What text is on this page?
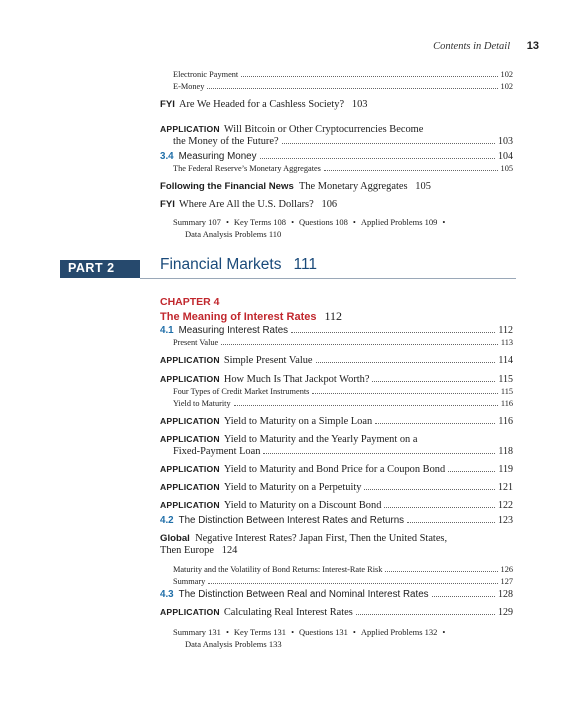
Contents in Detail 13
Electronic Payment	102
E-Money	102
FYI Are We Headed for a Cashless Society? 103
APPLICATION Will Bitcoin or Other Cryptocurrencies Become
the Money of the Future?	103
3.4 Measuring Money	104
The Federal Reserve’s Monetary Aggregates	105
Following the Financial News The Monetary Aggregates 105
FYI Where Are All the U.S. Dollars? 106
Summary 107 • Key Terms 108 • Questions 108 • Applied Problems 109 •
Data Analysis Problems 110
PART 2	Financial Markets 111
CHAPTER 4
The Meaning of Interest Rates 112
4.1 Measuring Interest Rates	112
Present Value	113
APPLICATION Simple Present Value	114
APPLICATION How Much Is That Jackpot Worth?	115
Four Types of Credit Market Instruments	115
Yield to Maturity	116
APPLICATION Yield to Maturity on a Simple Loan	116
APPLICATION Yield to Maturity and the Yearly Payment on a
Fixed-Payment Loan	118
APPLICATION Yield to Maturity and Bond Price for a Coupon Bond	119
APPLICATION Yield to Maturity on a Perpetuity	121
APPLICATION Yield to Maturity on a Discount Bond	122
4.2 The Distinction Between Interest Rates and Returns	123
Global Negative Interest Rates? Japan First, Then the United States,
Then Europe 124
Maturity and the Volatility of Bond Returns: Interest-Rate Risk	126
Summary	127
4.3 The Distinction Between Real and Nominal Interest Rates	128
APPLICATION Calculating Real Interest Rates	129
Summary 131 • Key Terms 131 • Questions 131 • Applied Problems 132 •
Data Analysis Problems 133
